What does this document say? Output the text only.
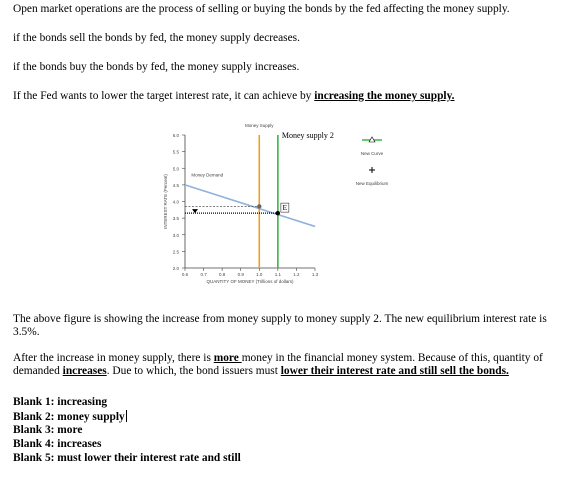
Open market operations are the process of selling or buying the bonds by the fed affecting the money supply.
if the bonds sell the bonds by fed, the money supply decreases.
if the bonds buy the bonds by fed, the money supply increases.
If the Fed wants to lower the target interest rate, it can achieve by increasing the money supply.
2.0
2.5
3.0
3.5
4.0
4.5
5.0
5.5
6.0
0.6	0.7	0.8	0.9	1.0	1.1	1.2	1.3
QUANTITY OF MONEY (Trillions of dollars)
INTEREST RATE (Percent)
Money Supply
Money supply 2
Money Demand
E
New Curve
New Equilibrium
The above figure is showing the increase from money supply to money supply 2. The new equilibrium interest rate is 3.5%.
After the increase in money supply, there is more money in the financial money system. Because of this, quantity of demanded increases. Due to which, the bond issuers must lower their interest rate and still sell the bonds.
Blank 1: increasing
Blank 2: money supply
Blank 3: more
Blank 4: increases
Blank 5: must lower their interest rate and still
